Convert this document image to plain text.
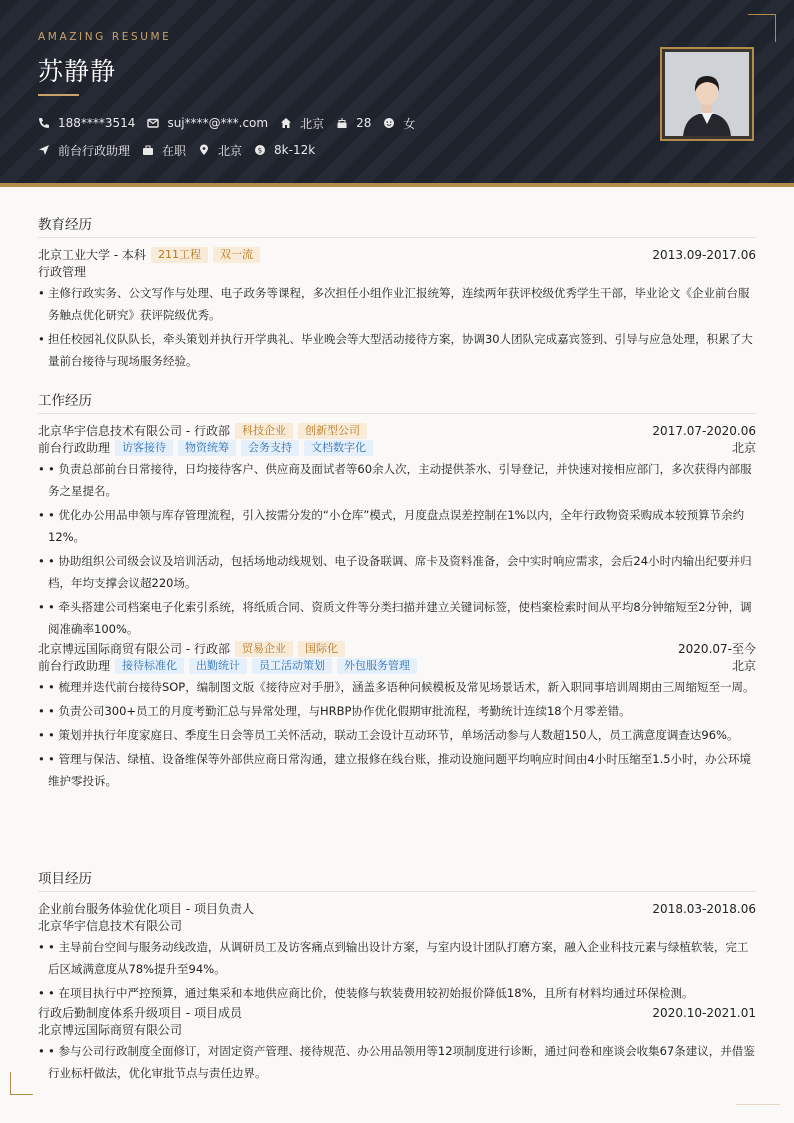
AMAZING RESUME
苏静静
188****3514	suj****@***.com	北京	28	女
前台行政助理	在职	北京 $ 8k-12k
教育经历
北京工业大学 - 本科	211工程	双一流	2013.09-2017.06
行政管理
• 主修行政实务、公文写作与处理、电子政务等课程，多次担任小组作业汇报统筹，连续两年获评校级优秀学生干部，毕业论文《企业前台服务触点优化研究》获评院级优秀。
• 担任校园礼仪队队长，牵头策划并执行开学典礼、毕业晚会等大型活动接待方案，协调30人团队完成嘉宾签到、引导与应急处理，积累了大量前台接待与现场服务经验。
工作经历
北京华宇信息技术有限公司 - 行政部	科技企业	创新型公司	2017.07-2020.06
前台行政助理	访客接待	物资统筹	会务支持	文档数字化	北京
• • 负责总部前台日常接待，日均接待客户、供应商及面试者等60余人次，主动提供茶水、引导登记，并快速对接相应部门，多次获得内部服务之星提名。
• • 优化办公用品申领与库存管理流程，引入按需分发的“小仓库”模式，月度盘点误差控制在1%以内，全年行政物资采购成本较预算节余约12%。
• • 协助组织公司级会议及培训活动，包括场地动线规划、电子设备联调、席卡及资料准备，会中实时响应需求，会后24小时内输出纪要并归档，年均支撑会议超220场。
• • 牵头搭建公司档案电子化索引系统，将纸质合同、资质文件等分类扫描并建立关键词标签，使档案检索时间从平均8分钟缩短至2分钟，调阅准确率100%。
北京博远国际商贸有限公司 - 行政部	贸易企业	国际化	2020.07-至今
前台行政助理	接待标准化	出勤统计	员工活动策划	外包服务管理	北京
• • 梳理并迭代前台接待SOP，编制图文版《接待应对手册》，涵盖多语种问候模板及常见场景话术，新入职同事培训周期由三周缩短至一周。
• • 负责公司300+员工的月度考勤汇总与异常处理，与HRBP协作优化假期审批流程，考勤统计连续18个月零差错。
• • 策划并执行年度家庭日、季度生日会等员工关怀活动，联动工会设计互动环节，单场活动参与人数超150人，员工满意度调查达96%。
• • 管理与保洁、绿植、设备维保等外部供应商日常沟通，建立报修在线台账，推动设施问题平均响应时间由4小时压缩至1.5小时，办公环境维护零投诉。
项目经历
企业前台服务体验优化项目 - 项目负责人	2018.03-2018.06
北京华宇信息技术有限公司
• • 主导前台空间与服务动线改造，从调研员工及访客痛点到输出设计方案，与室内设计团队打磨方案，融入企业科技元素与绿植软装，完工后区域满意度从78%提升至94%。
• • 在项目执行中严控预算，通过集采和本地供应商比价，使装修与软装费用较初始报价降低18%，且所有材料均通过环保检测。
行政后勤制度体系升级项目 - 项目成员	2020.10-2021.01
北京博远国际商贸有限公司
• • 参与公司行政制度全面修订，对固定资产管理、接待规范、办公用品领用等12项制度进行诊断，通过问卷和座谈会收集67条建议，并借鉴行业标杆做法，优化审批节点与责任边界。
